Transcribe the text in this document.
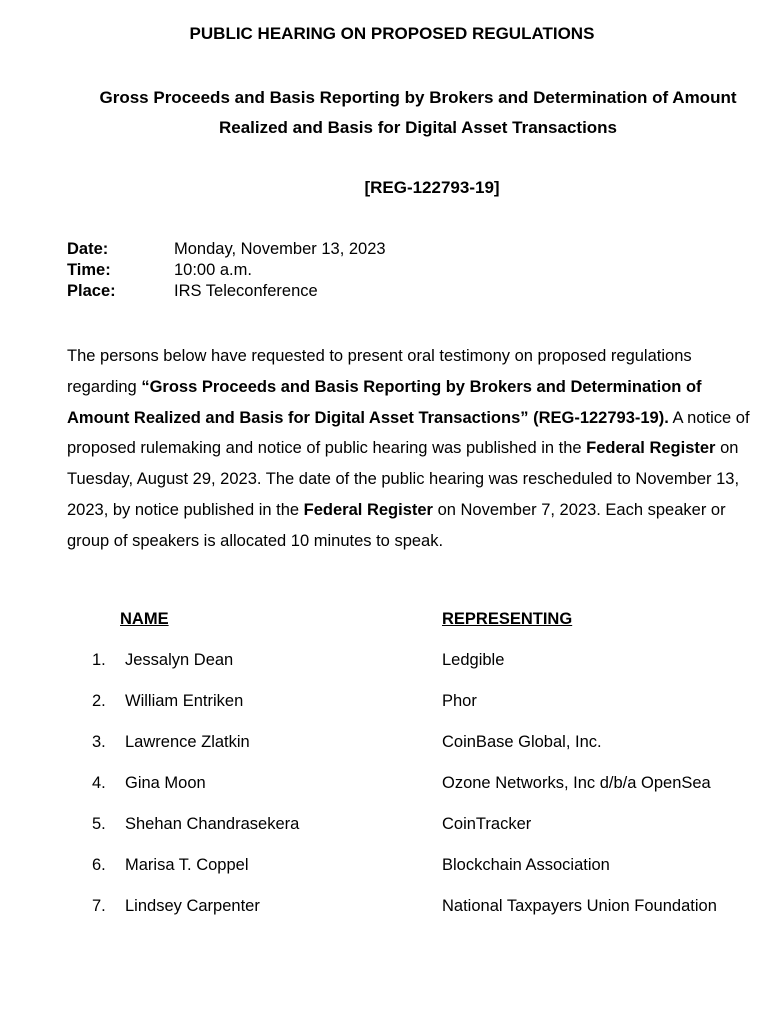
PUBLIC HEARING ON PROPOSED REGULATIONS
Gross Proceeds and Basis Reporting by Brokers and Determination of Amount
Realized and Basis for Digital Asset Transactions
[REG-122793-19]
Date:	Monday, November 13, 2023
Time:	10:00 a.m.
Place:	IRS Teleconference
The persons below have requested to present oral testimony on proposed regulations regarding “Gross Proceeds and Basis Reporting by Brokers and Determination of Amount Realized and Basis for Digital Asset Transactions” (REG-122793-19). A notice of proposed rulemaking and notice of public hearing was published in the Federal Register on Tuesday, August 29, 2023. The date of the public hearing was rescheduled to November 13, 2023, by notice published in the Federal Register on November 7, 2023. Each speaker or group of speakers is allocated 10 minutes to speak.
NAME	REPRESENTING
1. Jessalyn Dean	Ledgible
2. William Entriken	Phor
3. Lawrence Zlatkin	CoinBase Global, Inc.
4. Gina Moon	Ozone Networks, Inc d/b/a OpenSea
5. Shehan Chandrasekera	CoinTracker
6. Marisa T. Coppel	Blockchain Association
7. Lindsey Carpenter	National Taxpayers Union Foundation
